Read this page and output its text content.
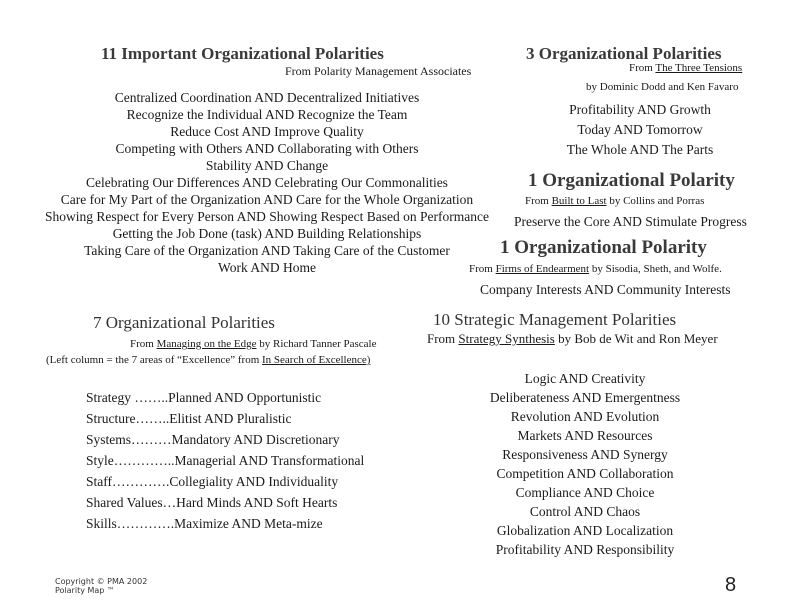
11 Important Organizational Polarities
From Polarity Management Associates
Centralized Coordination AND Decentralized Initiatives
Recognize the Individual AND Recognize the Team
Reduce Cost AND Improve Quality
Competing with Others AND Collaborating with Others
Stability AND Change
Celebrating Our Differences AND Celebrating Our Commonalities
Care for My Part of the Organization AND Care for the Whole Organization
Showing Respect for Every Person AND Showing Respect Based on Performance
Getting the Job Done (task) AND Building Relationships
Taking Care of the Organization AND Taking Care of the Customer
Work AND Home
3 Organizational Polarities
From The Three Tensions
by Dominic Dodd and Ken Favaro
Profitability AND Growth
Today AND Tomorrow
The Whole AND The Parts
1 Organizational Polarity
From Built to Last by Collins and Porras
Preserve the Core AND Stimulate Progress
1 Organizational Polarity
From Firms of Endearment by Sisodia, Sheth, and Wolfe.
Company Interests AND Community Interests
7 Organizational Polarities
From Managing on the Edge by Richard Tanner Pascale
(Left column = the 7 areas of “Excellence” from In Search of Excellence)
Strategy ……..Planned AND Opportunistic
Structure……..Elitist AND Pluralistic
Systems………Mandatory AND Discretionary
Style…………..Managerial AND Transformational
Staff………….Collegiality AND Individuality
Shared Values…Hard Minds AND Soft Hearts
Skills………….Maximize AND Meta-mize
10 Strategic Management Polarities
From Strategy Synthesis by Bob de Wit and Ron Meyer
Logic AND Creativity
Deliberateness AND Emergentness
Revolution AND Evolution
Markets AND Resources
Responsiveness AND Synergy
Competition AND Collaboration
Compliance AND Choice
Control AND Chaos
Globalization AND Localization
Profitability AND Responsibility
Copyright © PMA 2002
Polarity Map ™	8
